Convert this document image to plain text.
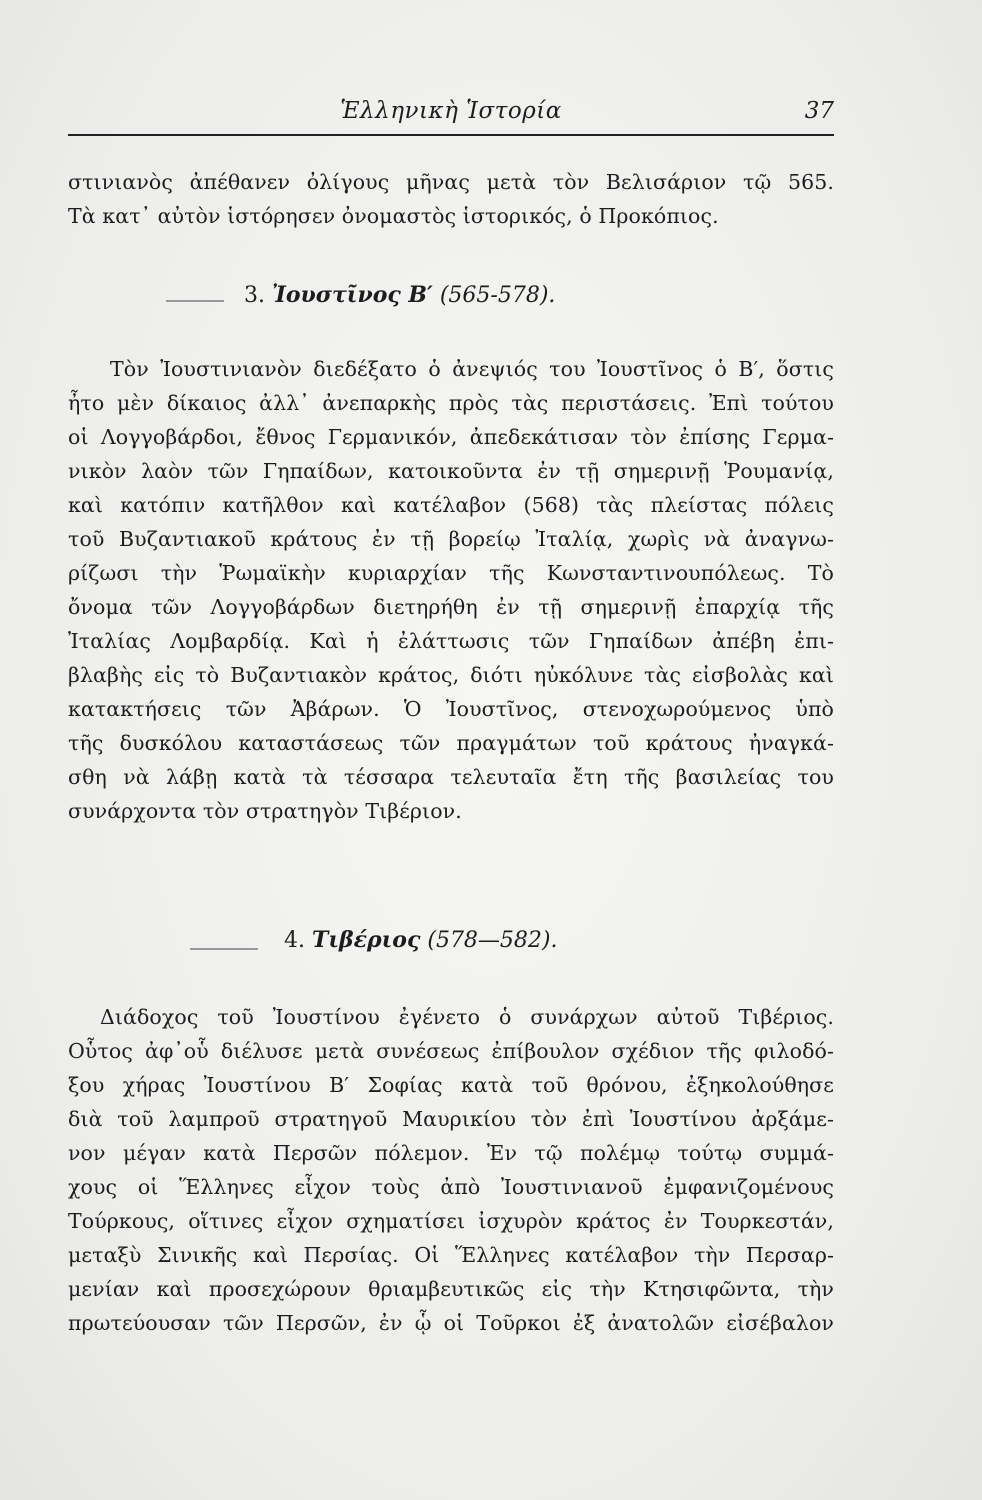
Ἑλληνικὴ Ἱστορία	37
στινιανὸς ἀπέθανεν ὀλίγους μῆνας μετὰ τὸν Βελισάριον τῷ 565.
Τὰ κατ᾽ αὐτὸν ἱστόρησεν ὀνομαστὸς ἱστορικός, ὁ Προκόπιος.
3. Ἰουστῖνος Β′ (565-578).
Τὸν Ἰουστινιανὸν διεδέξατο ὁ ἀνεψιός του Ἰουστῖνος ὁ Β′, ὅστις
ἦτο μὲν δίκαιος ἀλλ᾽ ἀνεπαρκὴς πρὸς τὰς περιστάσεις. Ἐπὶ τούτου
οἱ Λογγοβάρδοι, ἔθνος Γερμανικόν, ἀπεδεκάτισαν τὸν ἐπίσης Γερμα-
νικὸν λαὸν τῶν Γηπαίδων, κατοικοῦντα ἐν τῇ σημερινῇ Ῥουμανίᾳ,
καὶ κατόπιν κατῆλθον καὶ κατέλαβον (568) τὰς πλείστας πόλεις
τοῦ Βυζαντιακοῦ κράτους ἐν τῇ βορείῳ Ἰταλίᾳ, χωρὶς νὰ ἀναγνω-
ρίζωσι τὴν Ῥωμαϊκὴν κυριαρχίαν τῆς Κωνσταντινουπόλεως. Τὸ
ὄνομα τῶν Λογγοβάρδων διετηρήθη ἐν τῇ σημερινῇ ἐπαρχίᾳ τῆς
Ἰταλίας Λομβαρδίᾳ. Καὶ ἡ ἐλάττωσις τῶν Γηπαίδων ἀπέβη ἐπι-
βλαβὴς εἰς τὸ Βυζαντιακὸν κράτος, διότι ηὐκόλυνε τὰς εἰσβολὰς καὶ
κατακτήσεις τῶν Ἀβάρων. Ὁ Ἰουστῖνος, στενοχωρούμενος ὑπὸ
τῆς δυσκόλου καταστάσεως τῶν πραγμάτων τοῦ κράτους ἠναγκά-
σθη νὰ λάβῃ κατὰ τὰ τέσσαρα τελευταῖα ἔτη τῆς βασιλείας του
συνάρχοντα τὸν στρατηγὸν Τιβέριον.
4. Τιβέριος (578—582).
Διάδοχος τοῦ Ἰουστίνου ἐγένετο ὁ συνάρχων αὐτοῦ Τιβέριος.
Οὗτος ἀφ᾽οὗ διέλυσε μετὰ συνέσεως ἐπίβουλον σχέδιον τῆς φιλοδό-
ξου χήρας Ἰουστίνου Β′ Σοφίας κατὰ τοῦ θρόνου, ἐξηκολούθησε
διὰ τοῦ λαμπροῦ στρατηγοῦ Μαυρικίου τὸν ἐπὶ Ἰουστίνου ἀρξάμε-
νον μέγαν κατὰ Περσῶν πόλεμον. Ἐν τῷ πολέμῳ τούτῳ συμμά-
χους οἱ Ἕλληνες εἶχον τοὺς ἀπὸ Ἰουστινιανοῦ ἐμφανιζομένους
Τούρκους, οἵτινες εἶχον σχηματίσει ἰσχυρὸν κράτος ἐν Τουρκεστάν,
μεταξὺ Σινικῆς καὶ Περσίας. Οἱ Ἕλληνες κατέλαβον τὴν Περσαρ-
μενίαν καὶ προσεχώρουν θριαμβευτικῶς εἰς τὴν Κτησιφῶντα, τὴν
πρωτεύουσαν τῶν Περσῶν, ἐν ᾧ οἱ Τοῦρκοι ἐξ ἀνατολῶν εἰσέβαλον
